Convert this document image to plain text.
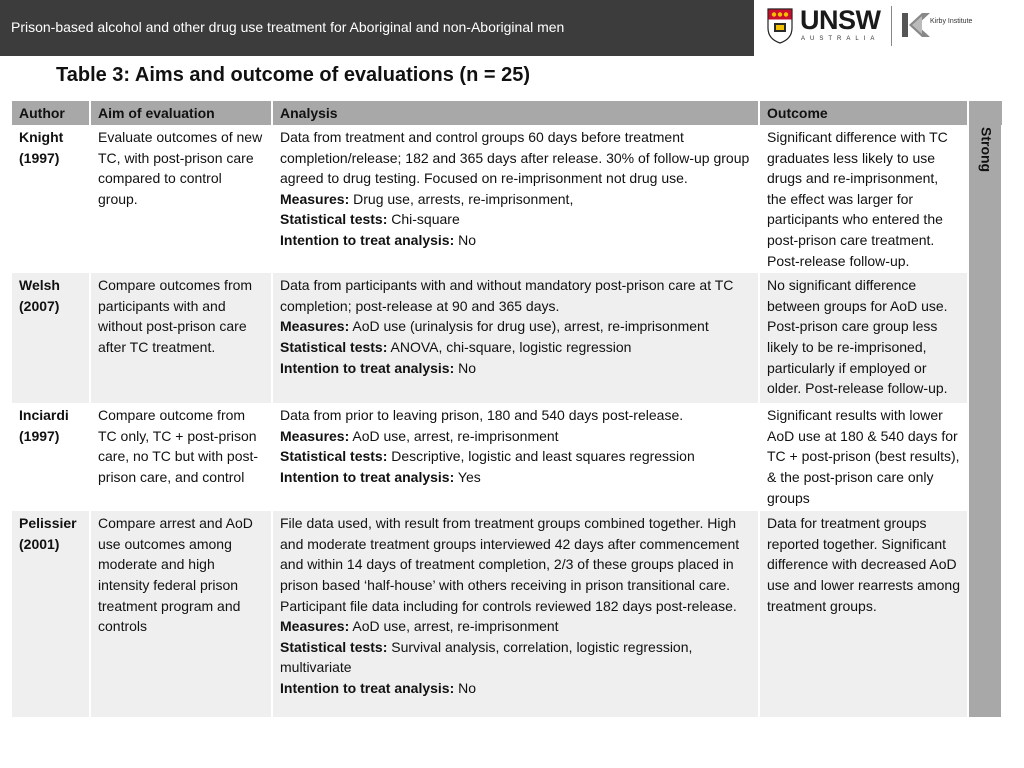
Prison-based alcohol and other drug use treatment for Aboriginal and non-Aboriginal men	UNSW
AUSTRALIA
Kirby Institute
Table 3: Aims and outcome of evaluations (n = 25)
Author	Aim of evaluation	Analysis	Outcome	
Knight (1997)	Evaluate outcomes of new TC, with post-prison care compared to control group.	Data from treatment and control groups 60 days before treatment completion/release; 182 and 365 days after release. 30% of follow-up group agreed to drug testing. Focused on re-imprisonment not drug use.
Measures: Drug use, arrests, re-imprisonment,
Statistical tests: Chi-square
Intention to treat analysis: No	Significant difference with TC graduates less likely to use drugs and re-imprisonment, the effect was larger for participants who entered the post-prison care treatment. Post-release follow-up.	Strong
Welsh (2007)	Compare outcomes from participants with and without post-prison care after TC treatment.	Data from participants with and without mandatory post-prison care at TC completion; post-release at 90 and 365 days.
Measures: AoD use (urinalysis for drug use), arrest, re-imprisonment
Statistical tests: ANOVA, chi-square, logistic regression
Intention to treat analysis: No	No significant difference between groups for AoD use. Post-prison care group less likely to be re-imprisoned, particularly if employed or older. Post-release follow-up.	
Inciardi (1997)	Compare outcome from TC only, TC + post-prison care, no TC but with post-prison care, and control	Data from prior to leaving prison, 180 and 540 days post-release.
Measures: AoD use, arrest, re-imprisonment
Statistical tests: Descriptive, logistic and least squares regression
Intention to treat analysis: Yes	Significant results with lower AoD use at 180 & 540 days for TC + post-prison (best results), & the post-prison care only groups	
Pelissier (2001)	Compare arrest and AoD use outcomes among moderate and high intensity federal prison treatment program and controls	File data used, with result from treatment groups combined together. High and moderate treatment groups interviewed 42 days after commencement and within 14 days of treatment completion, 2/3 of these groups placed in prison based ‘half-house’ with others receiving in prison transitional care. Participant file data including for controls reviewed 182 days post-release.
Measures: AoD use, arrest, re-imprisonment
Statistical tests: Survival analysis, correlation, logistic regression, multivariate
Intention to treat analysis: No	Data for treatment groups reported together. Significant difference with decreased AoD use and lower rearrests among treatment groups.	
